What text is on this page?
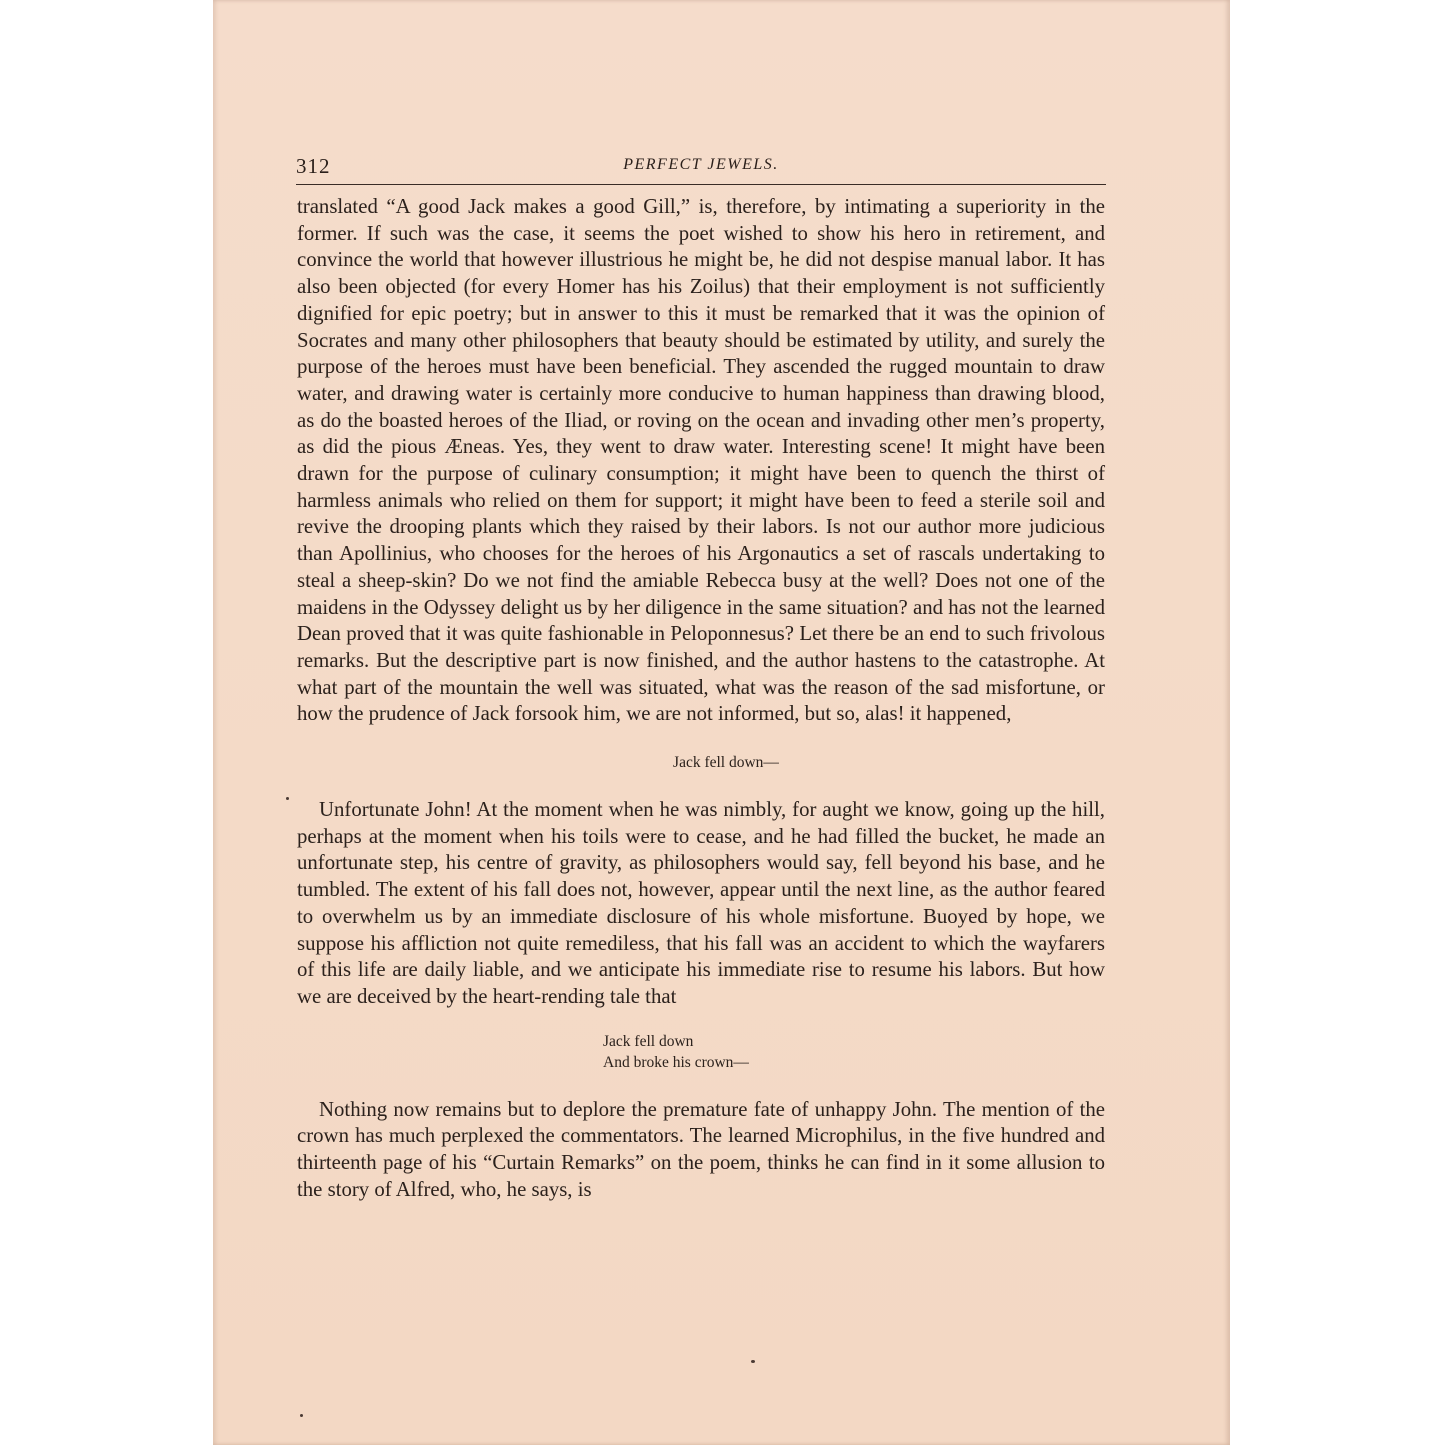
312	PERFECT JEWELS.

translated “A good Jack makes a good Gill,” is, therefore, by intimating a superiority in the former. If such was the case, it seems the poet wished to show his hero in retirement, and convince the world that however illustrious he might be, he did not despise manual labor. It has also been objected (for every Homer has his Zoilus) that their employment is not sufficiently dignified for epic poetry; but in answer to this it must be remarked that it was the opinion of Socrates and many other philosophers that beauty should be estimated by utility, and surely the purpose of the heroes must have been beneficial. They ascended the rugged mountain to draw water, and drawing water is certainly more conducive to human happiness than drawing blood, as do the boasted heroes of the Iliad, or roving on the ocean and invading other men’s property, as did the pious Æneas. Yes, they went to draw water. Interesting scene! It might have been drawn for the purpose of culinary consumption; it might have been to quench the thirst of harmless animals who relied on them for support; it might have been to feed a sterile soil and revive the drooping plants which they raised by their labors. Is not our author more judicious than Apollinius, who chooses for the heroes of his Argonautics a set of rascals undertaking to steal a sheep-skin? Do we not find the amiable Rebecca busy at the well? Does not one of the maidens in the Odyssey delight us by her diligence in the same situation? and has not the learned Dean proved that it was quite fashionable in Peloponnesus? Let there be an end to such frivolous remarks. But the descriptive part is now finished, and the author hastens to the catastrophe. At what part of the mountain the well was situated, what was the reason of the sad misfortune, or how the prudence of Jack forsook him, we are not informed, but so, alas! it happened,

Jack fell down—

Unfortunate John! At the moment when he was nimbly, for aught we know, going up the hill, perhaps at the moment when his toils were to cease, and he had filled the bucket, he made an unfortunate step, his centre of gravity, as philosophers would say, fell beyond his base, and he tumbled. The extent of his fall does not, however, appear until the next line, as the author feared to overwhelm us by an immediate disclosure of his whole misfortune. Buoyed by hope, we suppose his affliction not quite remediless, that his fall was an accident to which the wayfarers of this life are daily liable, and we anticipate his immediate rise to resume his labors. But how we are deceived by the heart-rending tale that

Jack fell down

And broke his crown—

Nothing now remains but to deplore the premature fate of unhappy John. The mention of the crown has much perplexed the commentators. The learned Microphilus, in the five hundred and thirteenth page of his “Curtain Remarks” on the poem, thinks he can find in it some allusion to the story of Alfred, who, he says, is
